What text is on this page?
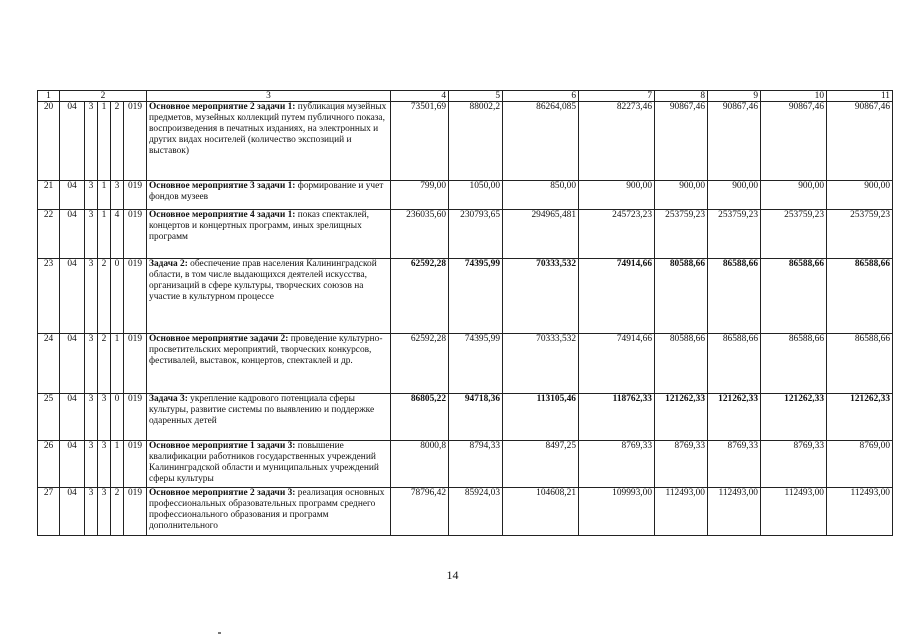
1	2					3	4	5	6	7	8	9	10	11
20	04	3	1	2	019	Основное мероприятие 2 задачи 1: публикация музейных предметов, музейных коллекций путем публичного показа, воспроизведения в печатных изданиях, на электронных и других видах носителей (количество экспозиций и выставок)	73501,69	88002,2	86264,085	82273,46	90867,46	90867,46	90867,46	90867,46
21	04	3	1	3	019	Основное мероприятие 3 задачи 1: формирование и учет фондов музеев	799,00	1050,00	850,00	900,00	900,00	900,00	900,00	900,00
22	04	3	1	4	019	Основное мероприятие 4 задачи 1: показ спектаклей, концертов и концертных программ, иных зрелищных программ	236035,60	230793,65	294965,481	245723,23	253759,23	253759,23	253759,23	253759,23
23	04	3	2	0	019	Задача 2: обеспечение прав населения Калининградской области, в том числе выдающихся деятелей искусства, организаций в сфере культуры, творческих союзов на участие в культурном процессе	62592,28	74395,99	70333,532	74914,66	80588,66	86588,66	86588,66	86588,66
24	04	3	2	1	019	Основное мероприятие задачи 2: проведение культурно-просветительских мероприятий, творческих конкурсов, фестивалей, выставок, концертов, спектаклей и др.	62592,28	74395,99	70333,532	74914,66	80588,66	86588,66	86588,66	86588,66
25	04	3	3	0	019	Задача 3: укрепление кадрового потенциала сферы культуры, развитие системы по выявлению и поддержке одаренных детей	86805,22	94718,36	113105,46	118762,33	121262,33	121262,33	121262,33	121262,33
26	04	3	3	1	019	Основное мероприятие 1 задачи 3: повышение квалификации работников государственных учреждений Калининградской области и муниципальных учреждений сферы культуры	8000,8	8794,33	8497,25	8769,33	8769,33	8769,33	8769,33	8769,00
27	04	3	3	2	019	Основное мероприятие 2 задачи 3: реализация основных профессиональных образовательных программ среднего профессионального образования и программ дополнительного	78796,42	85924,03	104608,21	109993,00	112493,00	112493,00	112493,00	112493,00
14
